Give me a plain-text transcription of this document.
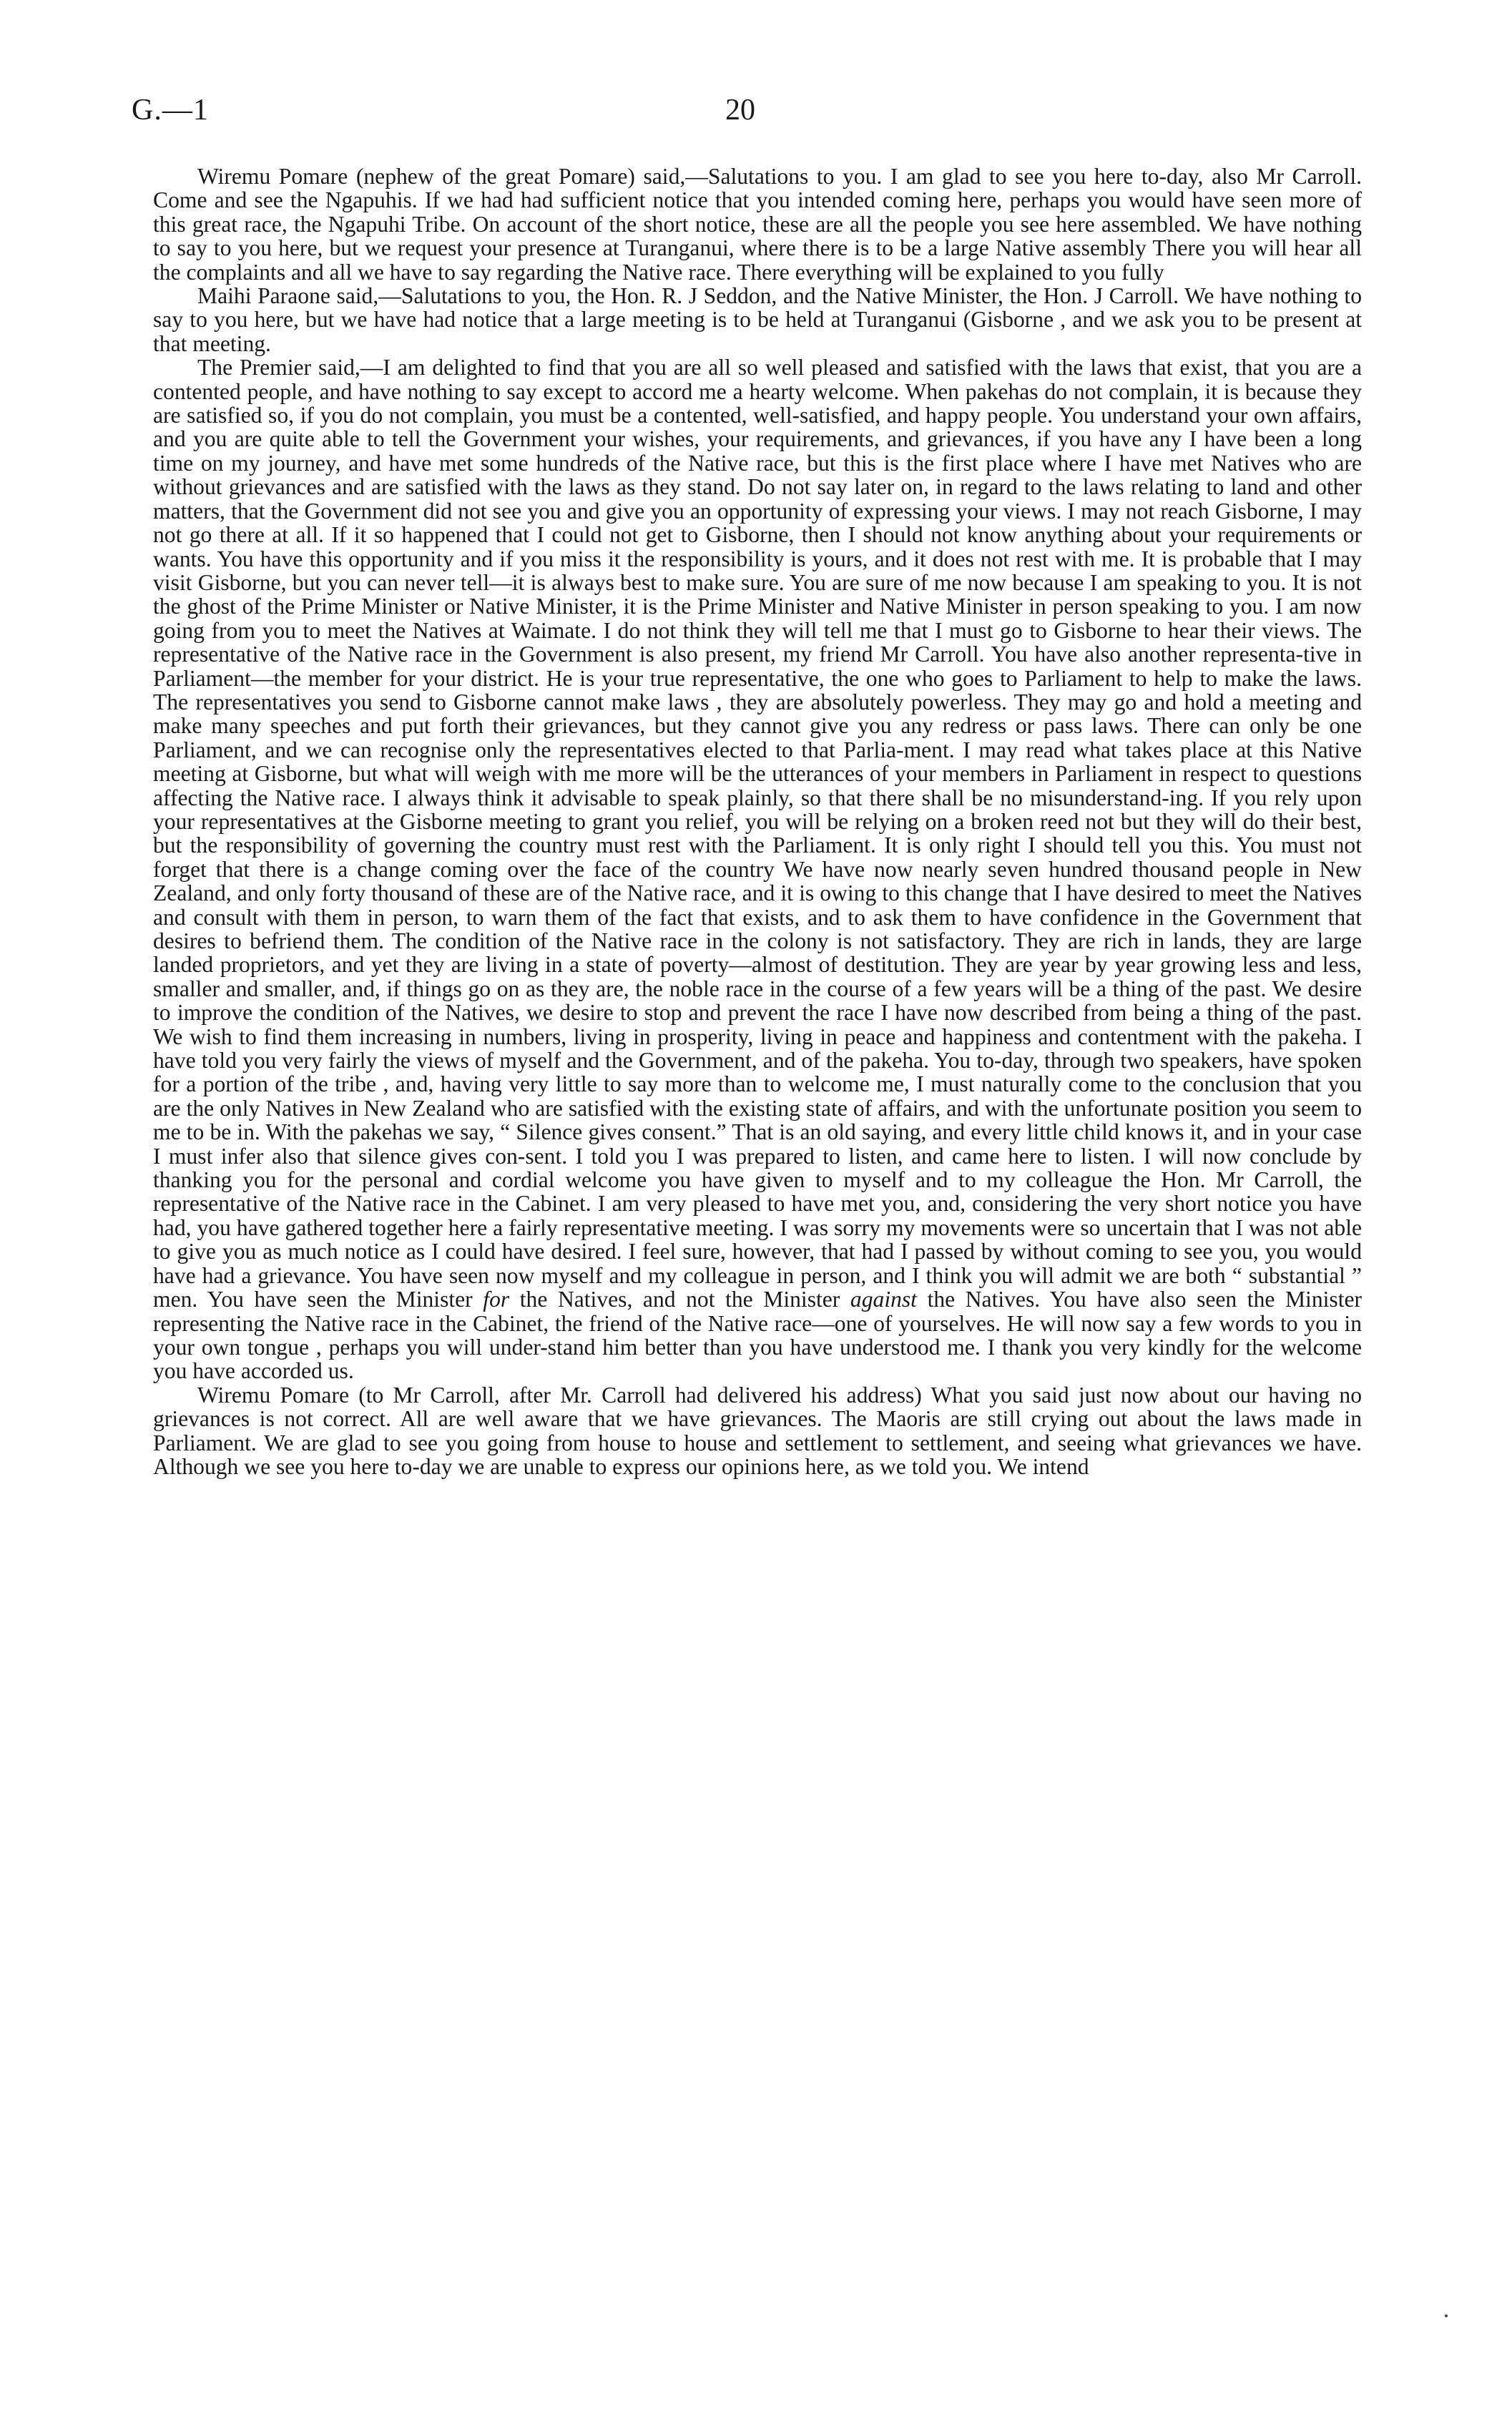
G.—1	20

Wiremu Pomare (nephew of the great Pomare) said,—Salutations to you. I am glad to see you here to-day, also Mr Carroll. Come and see the Ngapuhis. If we had had sufficient notice that you intended coming here, perhaps you would have seen more of this great race, the Ngapuhi Tribe. On account of the short notice, these are all the people you see here assembled. We have nothing to say to you here, but we request your presence at Turanganui, where there is to be a large Native assembly There you will hear all the complaints and all we have to say regarding the Native race. There everything will be explained to you fully

Maihi Paraone said,—Salutations to you, the Hon. R. J Seddon, and the Native Minister, the Hon. J Carroll. We have nothing to say to you here, but we have had notice that a large meeting is to be held at Turanganui (Gisborne , and we ask you to be present at that meeting.

The Premier said,—I am delighted to find that you are all so well pleased and satisfied with the laws that exist, that you are a contented people, and have nothing to say except to accord me a hearty welcome. When pakehas do not complain, it is because they are satisfied so, if you do not complain, you must be a contented, well-satisfied, and happy people. You understand your own affairs, and you are quite able to tell the Government your wishes, your requirements, and grievances, if you have any I have been a long time on my journey, and have met some hundreds of the Native race, but this is the first place where I have met Natives who are without grievances and are satisfied with the laws as they stand. Do not say later on, in regard to the laws relating to land and other matters, that the Government did not see you and give you an opportunity of expressing your views. I may not reach Gisborne, I may not go there at all. If it so happened that I could not get to Gisborne, then I should not know anything about your requirements or wants. You have this opportunity and if you miss it the responsibility is yours, and it does not rest with me. It is probable that I may visit Gisborne, but you can never tell—it is always best to make sure. You are sure of me now because I am speaking to you. It is not the ghost of the Prime Minister or Native Minister, it is the Prime Minister and Native Minister in person speaking to you. I am now going from you to meet the Natives at Waimate. I do not think they will tell me that I must go to Gisborne to hear their views. The representative of the Native race in the Government is also present, my friend Mr Carroll. You have also another representa-tive in Parliament—the member for your district. He is your true representative, the one who goes to Parliament to help to make the laws. The representatives you send to Gisborne cannot make laws , they are absolutely powerless. They may go and hold a meeting and make many speeches and put forth their grievances, but they cannot give you any redress or pass laws. There can only be one Parliament, and we can recognise only the representatives elected to that Parlia-ment. I may read what takes place at this Native meeting at Gisborne, but what will weigh with me more will be the utterances of your members in Parliament in respect to questions affecting the Native race. I always think it advisable to speak plainly, so that there shall be no misunderstand-ing. If you rely upon your representatives at the Gisborne meeting to grant you relief, you will be relying on a broken reed not but they will do their best, but the responsibility of governing the country must rest with the Parliament. It is only right I should tell you this. You must not forget that there is a change coming over the face of the country We have now nearly seven hundred thousand people in New Zealand, and only forty thousand of these are of the Native race, and it is owing to this change that I have desired to meet the Natives and consult with them in person, to warn them of the fact that exists, and to ask them to have confidence in the Government that desires to befriend them. The condition of the Native race in the colony is not satisfactory. They are rich in lands, they are large landed proprietors, and yet they are living in a state of poverty—almost of destitution. They are year by year growing less and less, smaller and smaller, and, if things go on as they are, the noble race in the course of a few years will be a thing of the past. We desire to improve the condition of the Natives, we desire to stop and prevent the race I have now described from being a thing of the past. We wish to find them increasing in numbers, living in prosperity, living in peace and happiness and contentment with the pakeha. I have told you very fairly the views of myself and the Government, and of the pakeha. You to-day, through two speakers, have spoken for a portion of the tribe , and, having very little to say more than to welcome me, I must naturally come to the conclusion that you are the only Natives in New Zealand who are satisfied with the existing state of affairs, and with the unfortunate position you seem to me to be in. With the pakehas we say, “ Silence gives consent.” That is an old saying, and every little child knows it, and in your case I must infer also that silence gives con-sent. I told you I was prepared to listen, and came here to listen. I will now conclude by thanking you for the personal and cordial welcome you have given to myself and to my colleague the Hon. Mr Carroll, the representative of the Native race in the Cabinet. I am very pleased to have met you, and, considering the very short notice you have had, you have gathered together here a fairly representative meeting. I was sorry my movements were so uncertain that I was not able to give you as much notice as I could have desired. I feel sure, however, that had I passed by without coming to see you, you would have had a grievance. You have seen now myself and my colleague in person, and I think you will admit we are both “ substantial ” men. You have seen the Minister for the Natives, and not the Minister against the Natives. You have also seen the Minister representing the Native race in the Cabinet, the friend of the Native race—one of yourselves. He will now say a few words to you in your own tongue , perhaps you will under-stand him better than you have understood me. I thank you very kindly for the welcome you have accorded us.

Wiremu Pomare (to Mr Carroll, after Mr. Carroll had delivered his address) What you said just now about our having no grievances is not correct. All are well aware that we have grievances. The Maoris are still crying out about the laws made in Parliament. We are glad to see you going from house to house and settlement to settlement, and seeing what grievances we have. Although we see you here to-day we are unable to express our opinions here, as we told you. We intend
